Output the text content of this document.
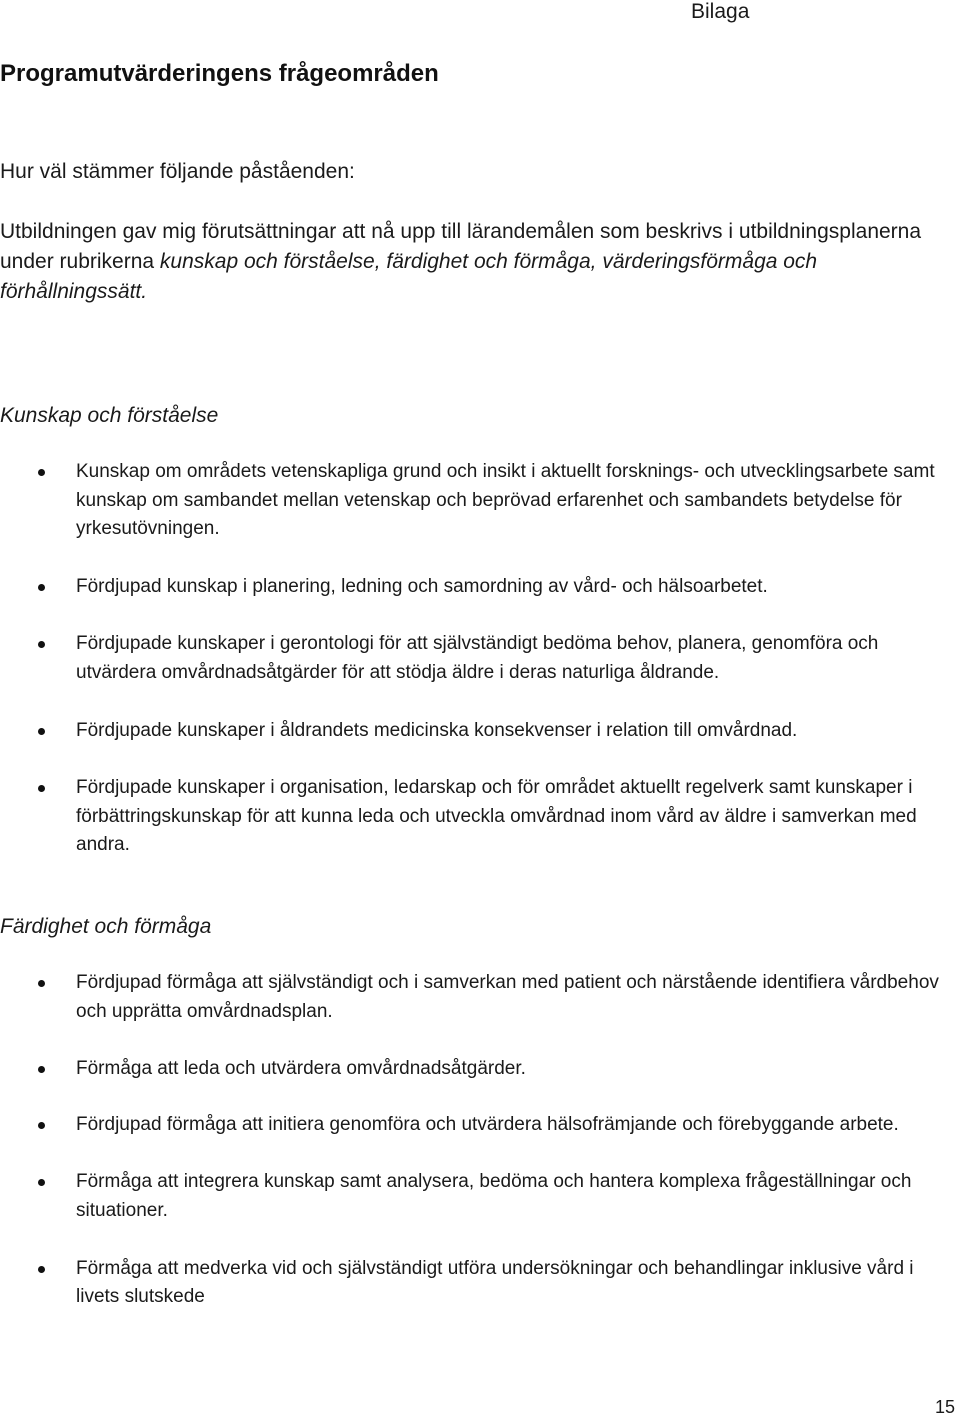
Bilaga
Programutvärderingens frågeområden

Hur väl stämmer följande påståenden:

Utbildningen gav mig förutsättningar att nå upp till lärandemålen som beskrivs i utbildningsplanerna under rubrikerna kunskap och förståelse, färdighet och förmåga, värderingsförmåga och förhållningssätt.

Kunskap och förståelse
Kunskap om områdets vetenskapliga grund och insikt i aktuellt forsknings- och utvecklingsarbete samt kunskap om sambandet mellan vetenskap och beprövad erfarenhet och sambandets betydelse för yrkesutövningen.
Fördjupad kunskap i planering, ledning och samordning av vård- och hälsoarbetet.
Fördjupade kunskaper i gerontologi för att självständigt bedöma behov, planera, genomföra och utvärdera omvårdnadsåtgärder för att stödja äldre i deras naturliga åldrande.
Fördjupade kunskaper i åldrandets medicinska konsekvenser i relation till omvårdnad.
Fördjupade kunskaper i organisation, ledarskap och för området aktuellt regelverk samt kunskaper i förbättringskunskap för att kunna leda och utveckla omvårdnad inom vård av äldre i samverkan med andra.
Färdighet och förmåga
Fördjupad förmåga att självständigt och i samverkan med patient och närstående identifiera vårdbehov och upprätta omvårdnadsplan.
Förmåga att leda och utvärdera omvårdnadsåtgärder.
Fördjupad förmåga att initiera genomföra och utvärdera hälsofrämjande och förebyggande arbete.
Förmåga att integrera kunskap samt analysera, bedöma och hantera komplexa frågeställningar och situationer.
Förmåga att medverka vid och självständigt utföra undersökningar och behandlingar inklusive vård i livets slutskede
15
